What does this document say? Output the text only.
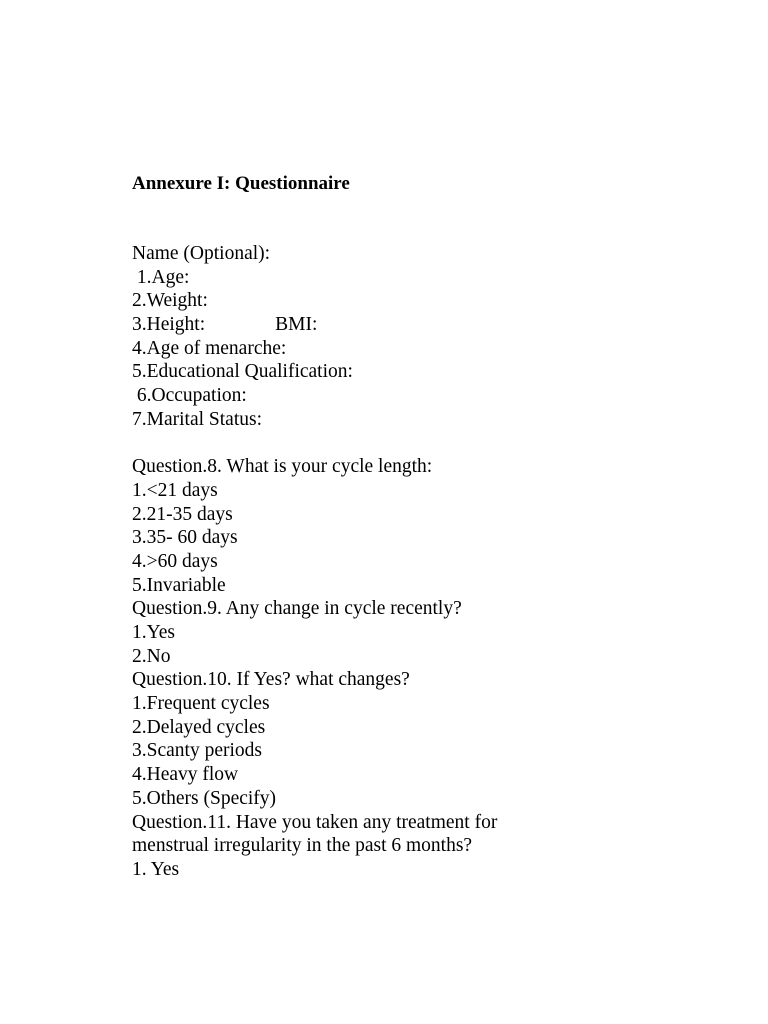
Annexure I: Questionnaire
Name (Optional):
1.Age:
2.Weight:
3.Height:	BMI:
4.Age of menarche:
5.Educational Qualification:
6.Occupation:
7.Marital Status:
Question.8. What is your cycle length:
1.<21 days
2.21-35 days
3.35- 60 days
4.>60 days
5.Invariable
Question.9. Any change in cycle recently?
1.Yes
2.No
Question.10. If Yes? what changes?
1.Frequent cycles
2.Delayed cycles
3.Scanty periods
4.Heavy flow
5.Others (Specify)
Question.11. Have you taken any treatment for
menstrual irregularity in the past 6 months?
1. Yes
